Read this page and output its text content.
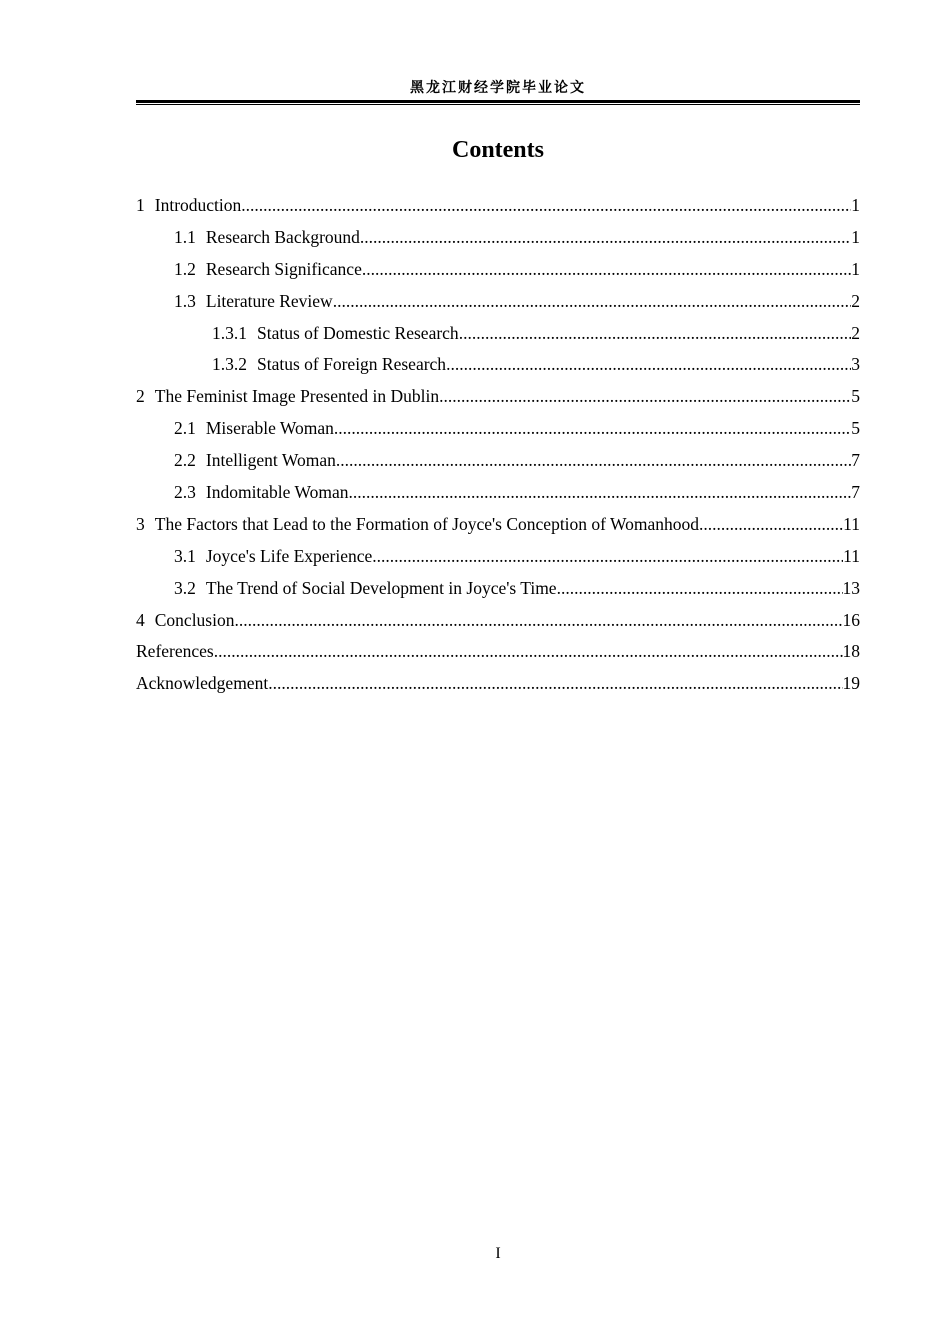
黑龙江财经学院毕业论文
Contents
1 Introduction .....	1
1.1 Research Background .....	1
1.2 Research Significance .....	1
1.3 Literature Review .....	2
1.3.1 Status of Domestic Research .....	2
1.3.2 Status of Foreign Research .....	3
2 The Feminist Image Presented in Dublin .....	5
2.1 Miserable Woman .....	5
2.2 Intelligent Woman .....	7
2.3 Indomitable Woman .....	7
3 The Factors that Lead to the Formation of Joyce's Conception of Womanhood .....	11
3.1 Joyce's Life Experience .....	11
3.2 The Trend of Social Development in Joyce's Time .....	13
4 Conclusion .....	16
References .....	18
Acknowledgement .....	19
I
